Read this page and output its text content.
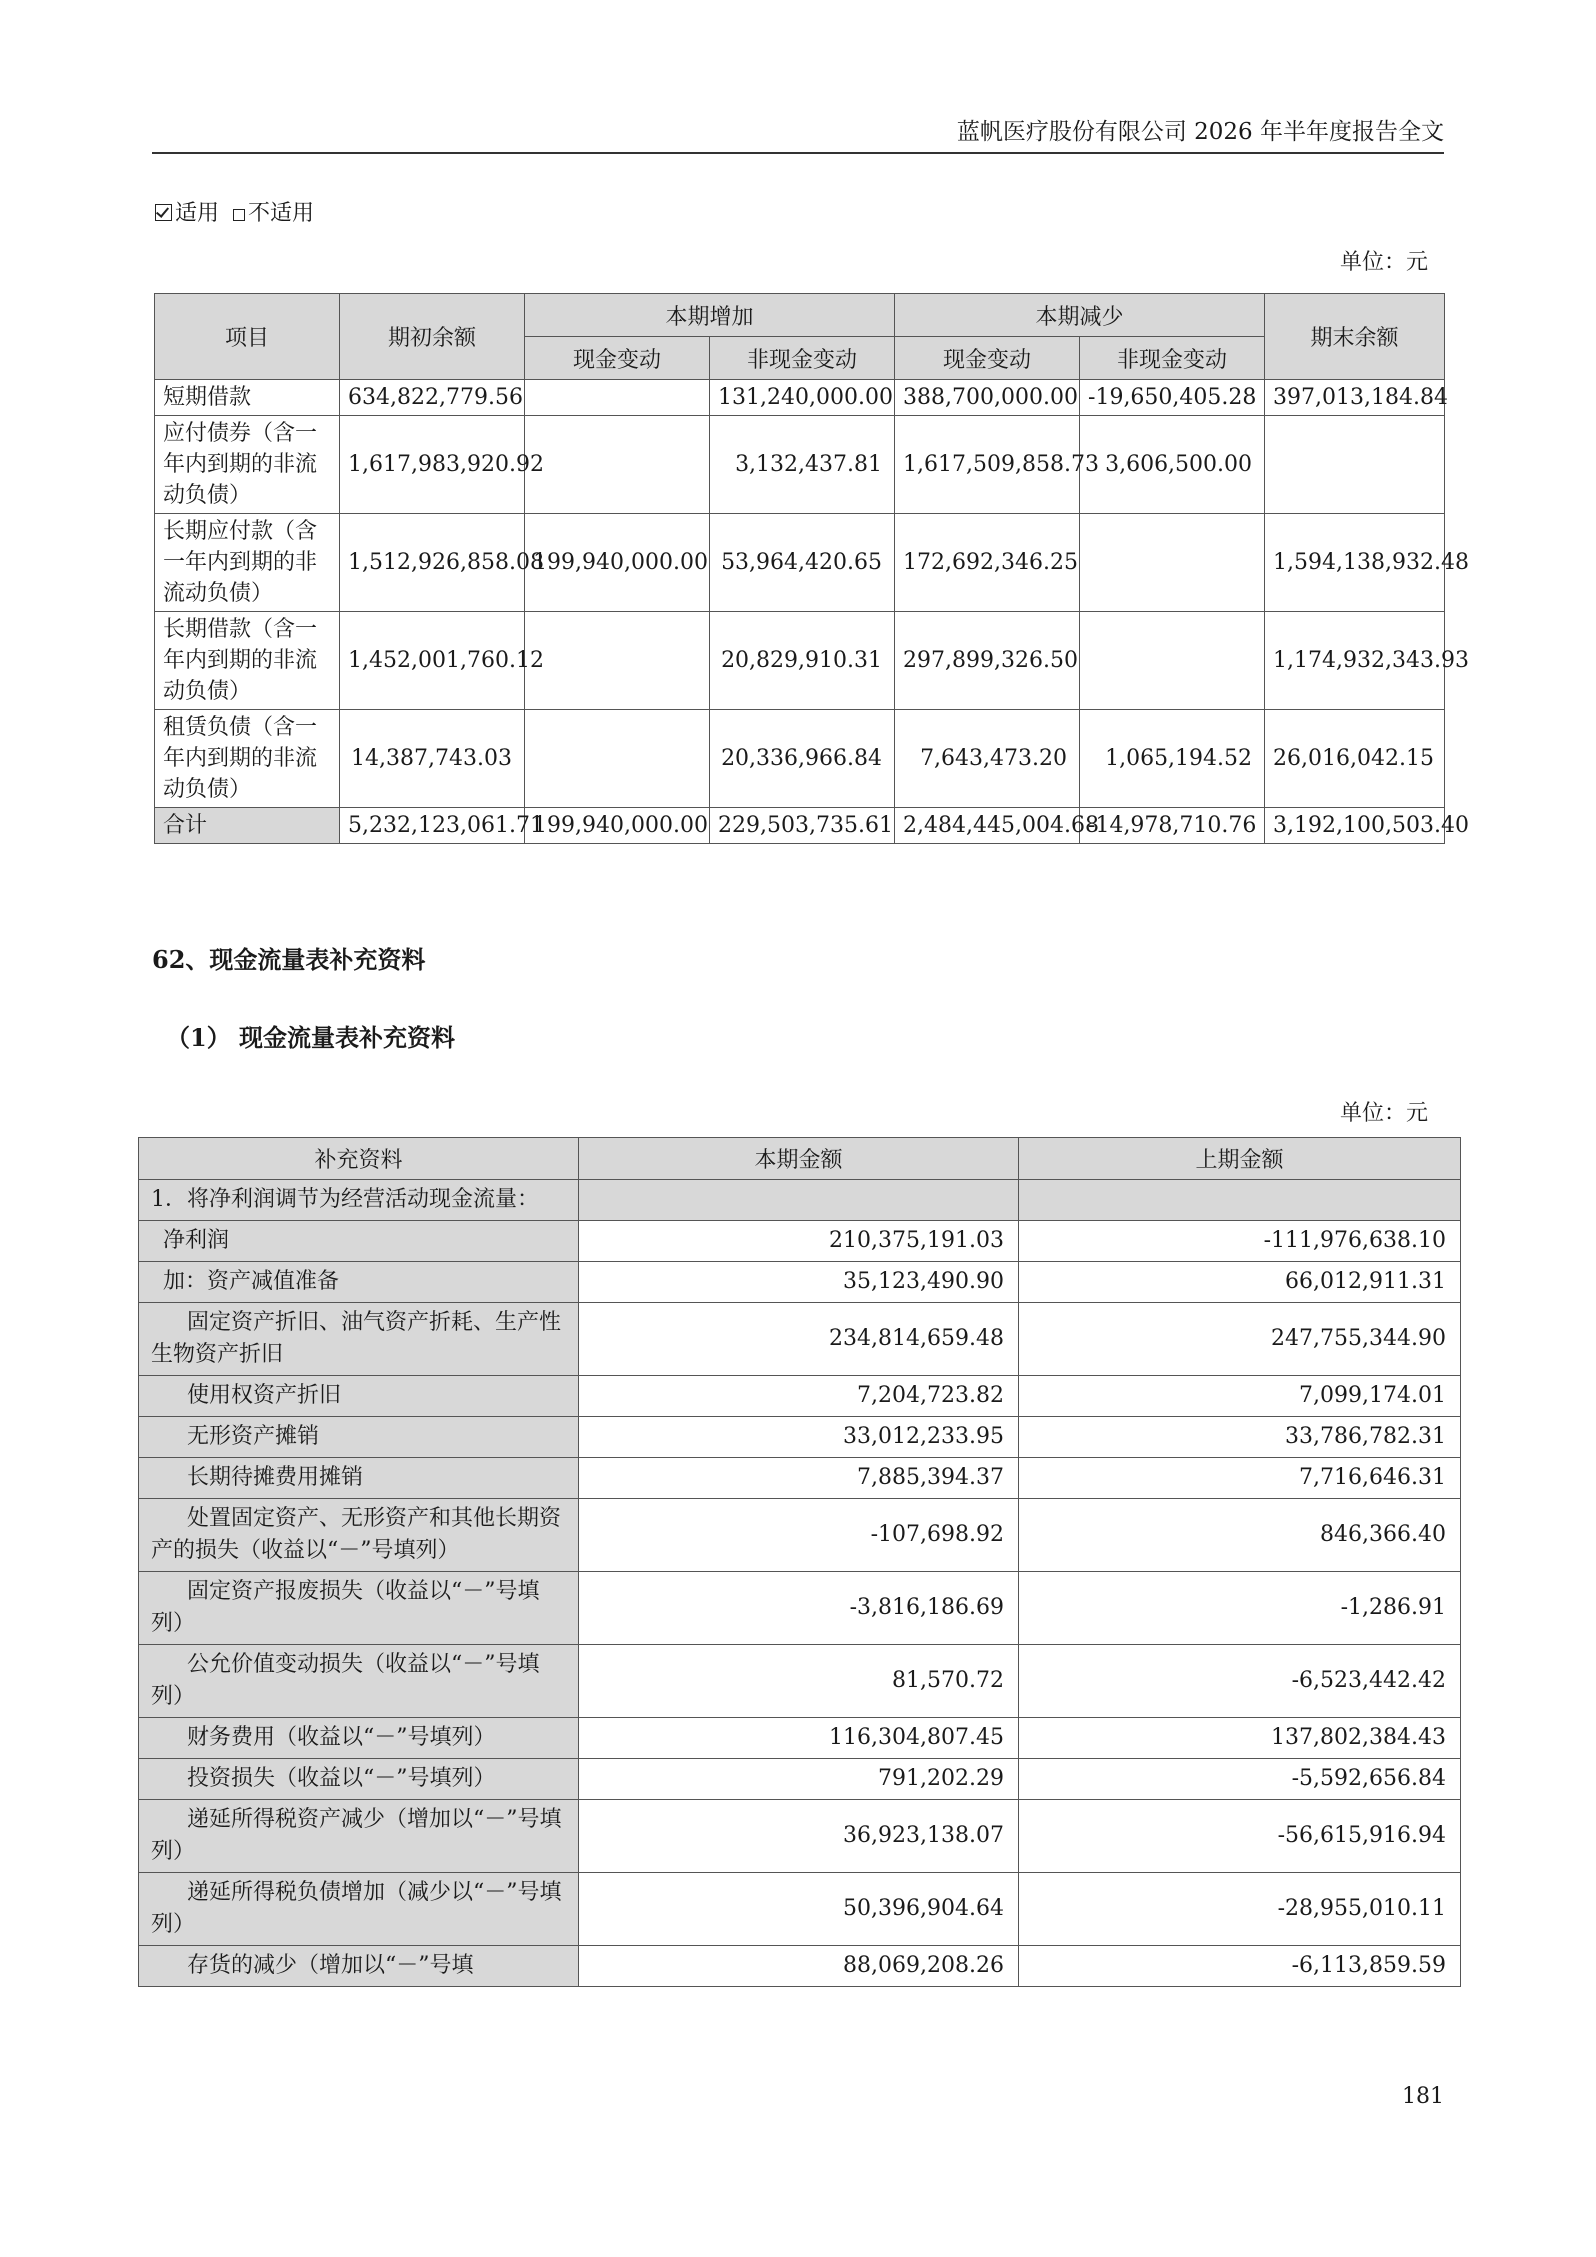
蓝帆医疗股份有限公司 2026 年半年度报告全文
适用 不适用
单位：元
项目	期初余额	本期增加		本期减少		期末余额
		现金变动	非现金变动	现金变动	非现金变动	
短期借款	634,822,779.56		131,240,000.00	388,700,000.00	-19,650,405.28	397,013,184.84
应付债券（含一年内到期的非流动负债）	1,617,983,920.92		3,132,437.81	1,617,509,858.73	3,606,500.00	
长期应付款（含一年内到期的非流动负债）	1,512,926,858.08	199,940,000.00	53,964,420.65	172,692,346.25		1,594,138,932.48
长期借款（含一年内到期的非流动负债）	1,452,001,760.12		20,829,910.31	297,899,326.50		1,174,932,343.93
租赁负债（含一年内到期的非流动负债）	14,387,743.03		20,336,966.84	7,643,473.20	1,065,194.52	26,016,042.15
合计	5,232,123,061.71	199,940,000.00	229,503,735.61	2,484,445,004.68	-14,978,710.76	3,192,100,503.40
62、现金流量表补充资料
（1） 现金流量表补充资料
单位：元
补充资料	本期金额	上期金额
1．将净利润调节为经营活动现金流量：		
净利润	210,375,191.03	-111,976,638.10
加：资产减值准备	35,123,490.90	66,012,911.31
固定资产折旧、油气资产折耗、生产性生物资产折旧	234,814,659.48	247,755,344.90
使用权资产折旧	7,204,723.82	7,099,174.01
无形资产摊销	33,012,233.95	33,786,782.31
长期待摊费用摊销	7,885,394.37	7,716,646.31
处置固定资产、无形资产和其他长期资产的损失（收益以“－”号填列）	-107,698.92	846,366.40
固定资产报废损失（收益以“－”号填列）	-3,816,186.69	-1,286.91
公允价值变动损失（收益以“－”号填列）	81,570.72	-6,523,442.42
财务费用（收益以“－”号填列）	116,304,807.45	137,802,384.43
投资损失（收益以“－”号填列）	791,202.29	-5,592,656.84
递延所得税资产减少（增加以“－”号填列）	36,923,138.07	-56,615,916.94
递延所得税负债增加（减少以“－”号填列）	50,396,904.64	-28,955,010.11
存货的减少（增加以“－”号填	88,069,208.26	-6,113,859.59
181
